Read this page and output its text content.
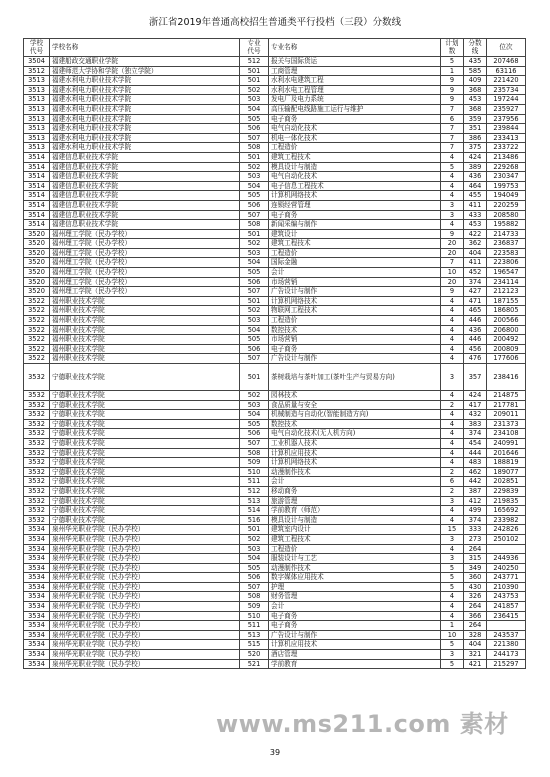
浙江省2019年普通高校招生普通类平行投档（三段）分数线
学校
代号	学校名称	专业
代号	专业名称	计划
数	分数
线	位次
3504	福建船政交通职业学院	512	报关与国际货运	5	435	207468
3512	福建师范大学协和学院（独立学院）	501	工商管理	1	585	63116
3513	福建水利电力职业技术学院	501	水利水电建筑工程	9	409	221420
3513	福建水利电力职业技术学院	502	水利水电工程管理	9	368	235734
3513	福建水利电力职业技术学院	503	发电厂及电力系统	9	453	197244
3513	福建水利电力职业技术学院	504	高压输配电线路施工运行与维护	7	368	235927
3513	福建水利电力职业技术学院	505	电子商务	6	359	237956
3513	福建水利电力职业技术学院	506	电气自动化技术	7	351	239844
3513	福建水利电力职业技术学院	507	机电一体化技术	7	386	233413
3513	福建水利电力职业技术学院	508	工程造价	7	375	233722
3514	福建信息职业技术学院	501	建筑工程技术	4	424	213486
3514	福建信息职业技术学院	502	模具设计与制造	5	389	229268
3514	福建信息职业技术学院	503	电气自动化技术	4	436	230347
3514	福建信息职业技术学院	504	电子信息工程技术	4	464	199753
3514	福建信息职业技术学院	505	计算机网络技术	4	455	194049
3514	福建信息职业技术学院	506	连锁经营管理	3	411	220259
3514	福建信息职业技术学院	507	电子商务	3	433	208580
3514	福建信息职业技术学院	508	新闻采编与制作	4	453	195882
3520	福州理工学院（民办学校）	501	建筑设计	9	422	214733
3520	福州理工学院（民办学校）	502	建筑工程技术	20	362	236837
3520	福州理工学院（民办学校）	503	工程造价	20	404	223583
3520	福州理工学院（民办学校）	504	国际金融	7	411	223806
3520	福州理工学院（民办学校）	505	会计	10	452	196547
3520	福州理工学院（民办学校）	506	市场营销	20	374	234114
3520	福州理工学院（民办学校）	507	广告设计与制作	9	427	212123
3522	福州职业技术学院	501	计算机网络技术	4	471	187155
3522	福州职业技术学院	502	物联网工程技术	4	465	186805
3522	福州职业技术学院	503	工程造价	4	446	200566
3522	福州职业技术学院	504	数控技术	4	436	206800
3522	福州职业技术学院	505	市场营销	4	446	200492
3522	福州职业技术学院	506	电子商务	4	456	200809
3522	福州职业技术学院	507	广告设计与制作	4	476	177606
3532	宁德职业技术学院	501	茶树栽培与茶叶加工(茶叶生产与贸易方向)	3	357	238416
3532	宁德职业技术学院	502	园林技术	4	424	214875
3532	宁德职业技术学院	503	食品质量与安全	2	417	217781
3532	宁德职业技术学院	504	机械制造与自动化(智能制造方向)	4	432	209011
3532	宁德职业技术学院	505	数控技术	4	383	231373
3532	宁德职业技术学院	506	电气自动化技术(无人机方向)	4	374	234108
3532	宁德职业技术学院	507	工业机器人技术	4	454	240991
3532	宁德职业技术学院	508	计算机应用技术	4	444	201646
3532	宁德职业技术学院	509	计算机网络技术	4	483	188819
3532	宁德职业技术学院	510	动漫制作技术	2	462	189077
3532	宁德职业技术学院	511	会计	6	442	202851
3532	宁德职业技术学院	512	移动商务	2	387	229839
3532	宁德职业技术学院	513	旅游管理	3	412	219835
3532	宁德职业技术学院	514	学前教育（师范）	4	499	165692
3532	宁德职业技术学院	516	模具设计与制造	4	374	233982
3534	泉州华光职业学院（民办学校）	501	建筑室内设计	15	333	242826
3534	泉州华光职业学院（民办学校）	502	建筑工程技术	3	273	250102
3534	泉州华光职业学院（民办学校）	503	工程造价	4	264	
3534	泉州华光职业学院（民办学校）	504	服装设计与工艺	3	315	244936
3534	泉州华光职业学院（民办学校）	505	动漫制作技术	5	349	240250
3534	泉州华光职业学院（民办学校）	506	数字媒体应用技术	5	360	243771
3534	泉州华光职业学院（民办学校）	507	护理	5	430	210390
3534	泉州华光职业学院（民办学校）	508	财务管理	4	326	243753
3534	泉州华光职业学院（民办学校）	509	会计	4	264	241857
3534	泉州华光职业学院（民办学校）	510	电子商务	4	366	236415
3534	泉州华光职业学院（民办学校）	511	电子商务	1	264	
3534	泉州华光职业学院（民办学校）	513	广告设计与制作	10	328	243537
3534	泉州华光职业学院（民办学校）	515	计算机应用技术	5	404	221380
3534	泉州华光职业学院（民办学校）	520	酒店管理	3	321	244173
3534	泉州华光职业学院（民办学校）	521	学前教育	5	421	215297
www.ms211.com 素材
39
